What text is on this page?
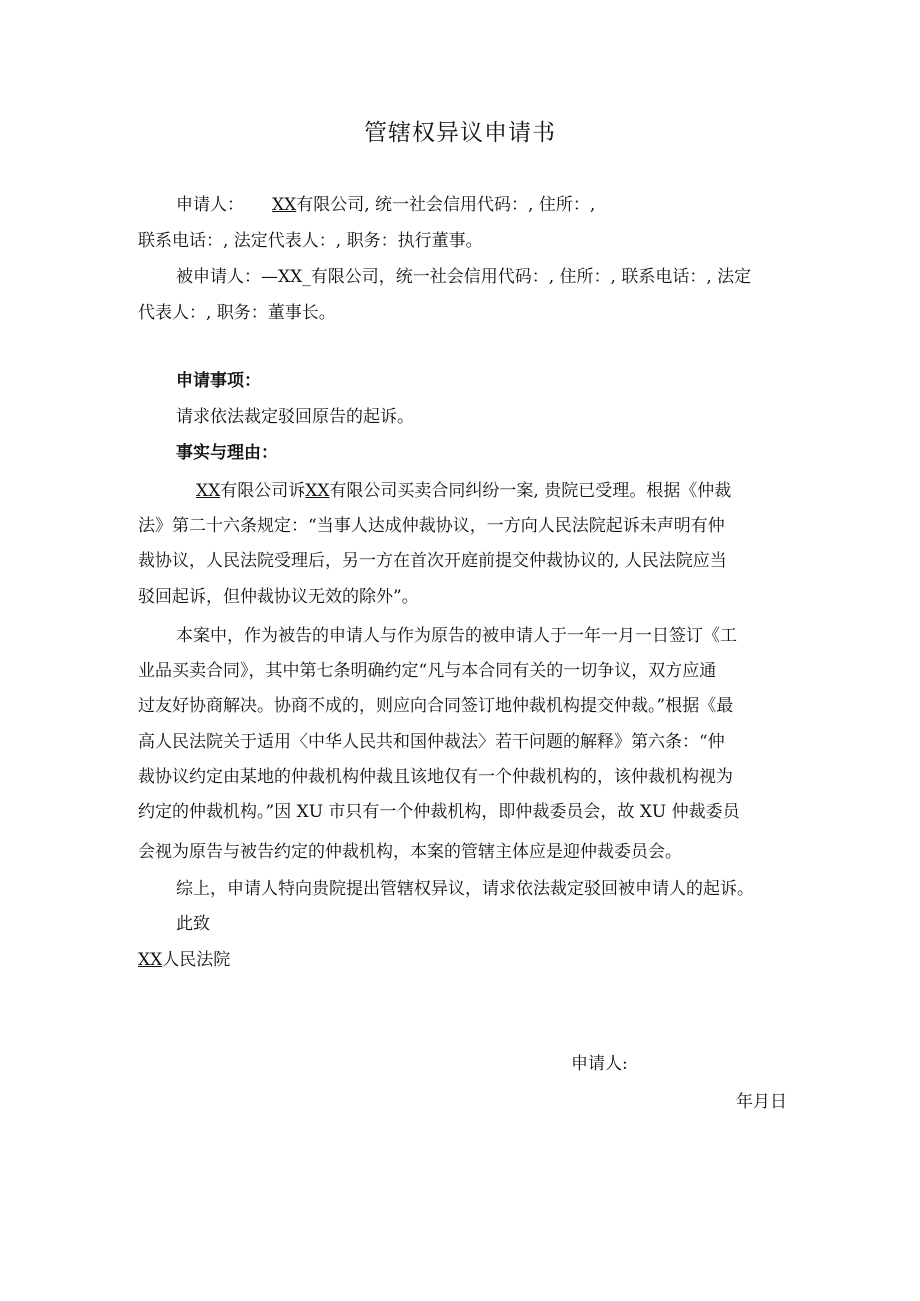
管辖权异议申请书

申请人： XX有限公司, 统一社会信用代码：, 住所：,

联系电话：, 法定代表人：, 职务：执行董事。

被申请人：—XX_有限公司，统一社会信用代码：, 住所：, 联系电话：, 法定

代表人：, 职务：董事长。

申请事项：

请求依法裁定驳回原告的起诉。

事实与理由：

XX有限公司诉XX有限公司买卖合同纠纷一案, 贵院已受理。根据《仲裁

法》第二十六条规定：“当事人达成仲裁协议，一方向人民法院起诉未声明有仲

裁协议，人民法院受理后，另一方在首次开庭前提交仲裁协议的, 人民法院应当

驳回起诉，但仲裁协议无效的除外”。

本案中，作为被告的申请人与作为原告的被申请人于一年一月一日签订《工

业品买卖合同》，其中第七条明确约定“凡与本合同有关的一切争议，双方应通

过友好协商解决。协商不成的，则应向合同签订地仲裁机构提交仲裁。”根据《最

高人民法院关于适用〈中华人民共和国仲裁法〉若干问题的解释》第六条：“仲

裁协议约定由某地的仲裁机构仲裁且该地仅有一个仲裁机构的，该仲裁机构视为

约定的仲裁机构。”因 XU 市只有一个仲裁机构，即仲裁委员会，故 XU 仲裁委员

会视为原告与被告约定的仲裁机构，本案的管辖主体应是迎仲裁委员会。

综上，申请人特向贵院提出管辖权异议，请求依法裁定驳回被申请人的起诉。

此致

XX人民法院

申请人:

年月日
